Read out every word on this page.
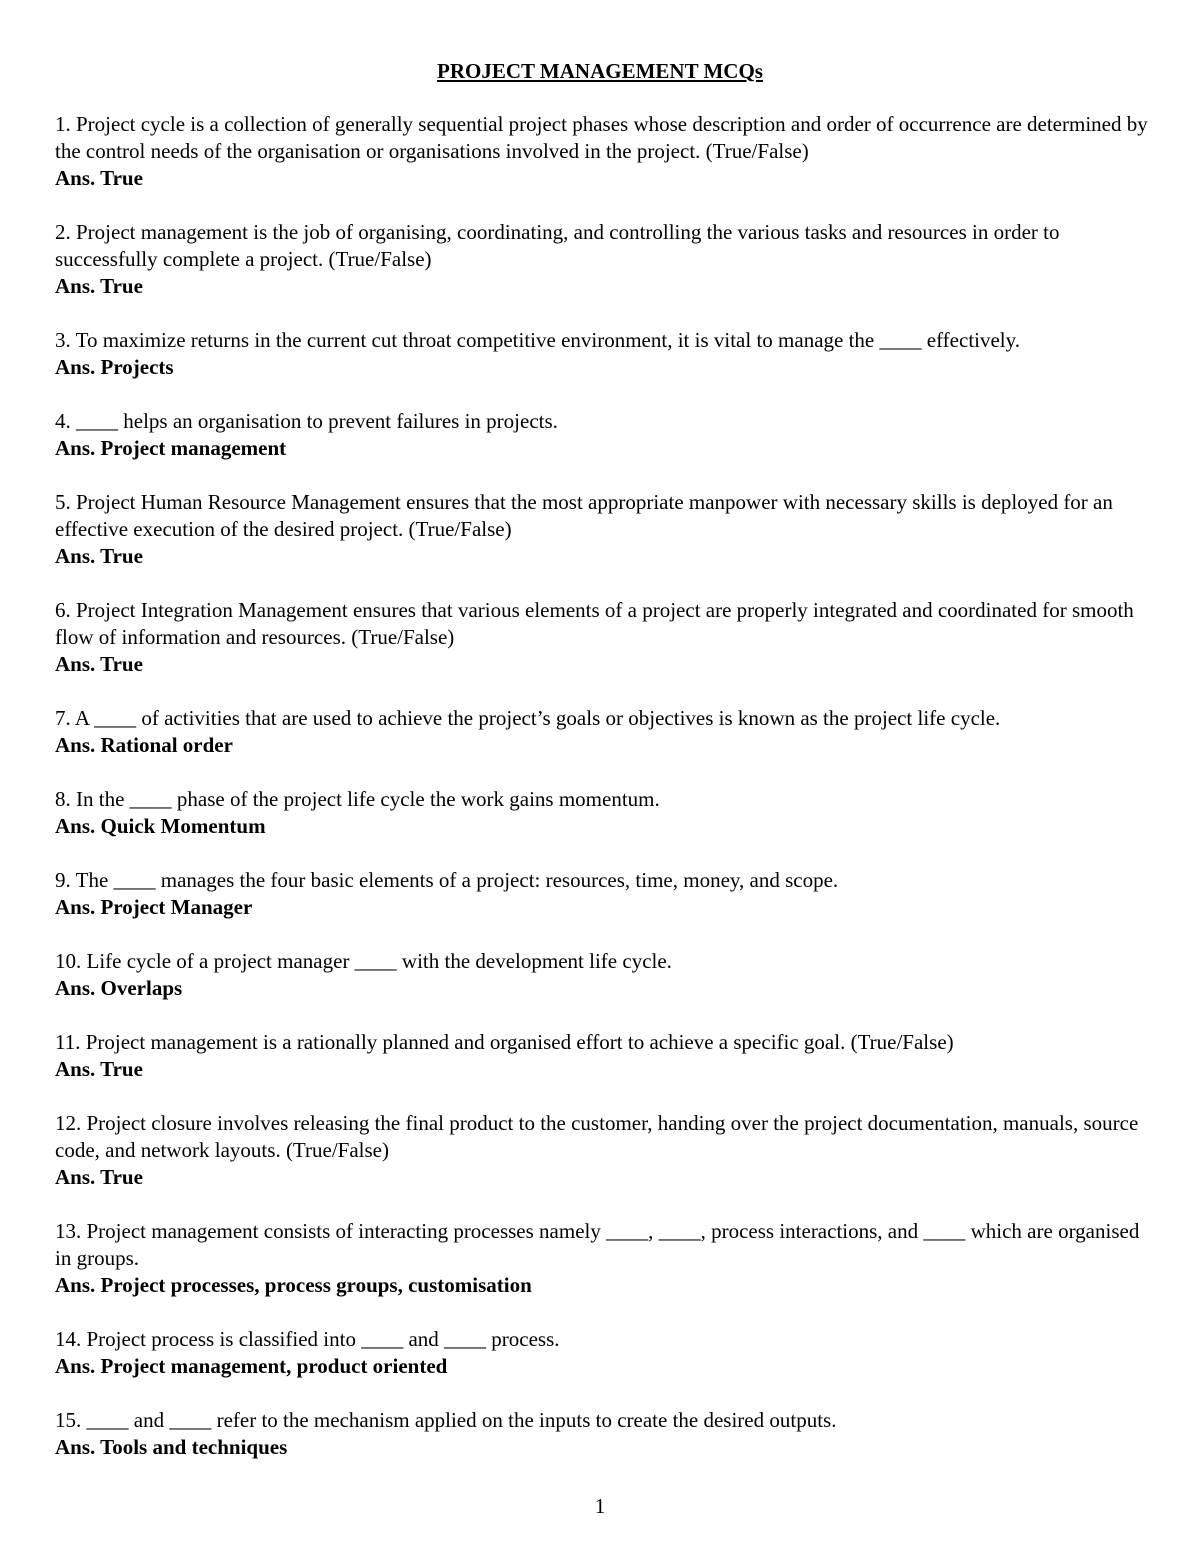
PROJECT MANAGEMENT MCQs
1. Project cycle is a collection of generally sequential project phases whose description and order of occurrence are determined by the control needs of the organisation or organisations involved in the project. (True/False)
Ans. True
2. Project management is the job of organising, coordinating, and controlling the various tasks and resources in order to successfully complete a project. (True/False)
Ans. True
3. To maximize returns in the current cut throat competitive environment, it is vital to manage the ____ effectively.
Ans. Projects
4. ____ helps an organisation to prevent failures in projects.
Ans. Project management
5. Project Human Resource Management ensures that the most appropriate manpower with necessary skills is deployed for an effective execution of the desired project. (True/False)
Ans. True
6. Project Integration Management ensures that various elements of a project are properly integrated and coordinated for smooth flow of information and resources. (True/False)
Ans. True
7. A ____ of activities that are used to achieve the project’s goals or objectives is known as the project life cycle.
Ans. Rational order
8. In the ____ phase of the project life cycle the work gains momentum.
Ans. Quick Momentum
9. The ____ manages the four basic elements of a project: resources, time, money, and scope.
Ans. Project Manager
10. Life cycle of a project manager ____ with the development life cycle.
Ans. Overlaps
11. Project management is a rationally planned and organised effort to achieve a specific goal. (True/False)
Ans. True
12. Project closure involves releasing the final product to the customer, handing over the project documentation, manuals, source code, and network layouts. (True/False)
Ans. True
13. Project management consists of interacting processes namely ____, ____, process interactions, and ____ which are organised in groups.
Ans. Project processes, process groups, customisation
14. Project process is classified into ____ and ____ process.
Ans. Project management, product oriented
15. ____ and ____ refer to the mechanism applied on the inputs to create the desired outputs.
Ans. Tools and techniques
1
